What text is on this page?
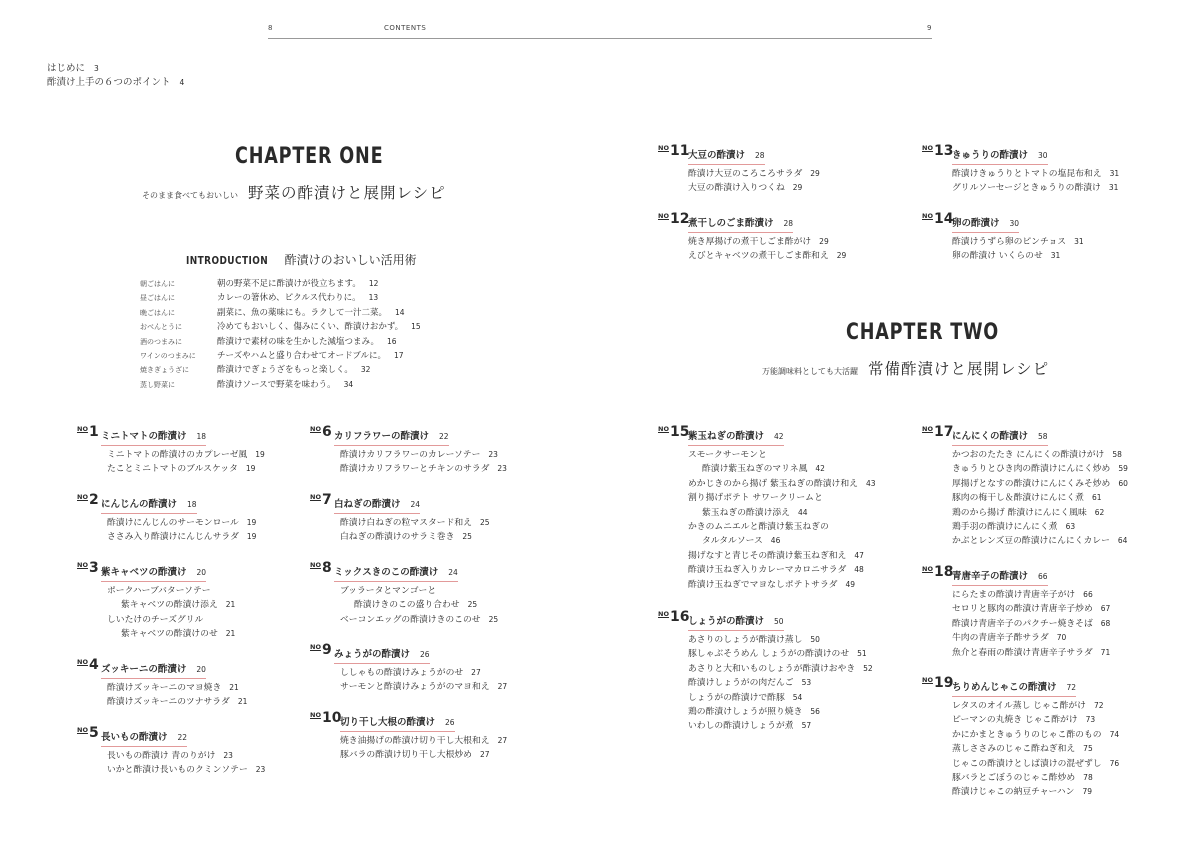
8	CONTENTS	9
はじめに 3
酢漬け上手の６つのポイント 4
CHAPTER ONE
そのまま食べてもおいしい 野菜の酢漬けと展開レシピ
INTRODUCTION 酢漬けのおいしい活用術
朝ごはんに	朝の野菜不足に酢漬けが役立ちます。 12
昼ごはんに	カレーの箸休め、ピクルス代わりに。 13
晩ごはんに	副菜に、魚の薬味にも。ラクして一汁二菜。 14
おべんとうに	冷めてもおいしく、傷みにくい、酢漬けおかず。 15
酒のつまみに	酢漬けで素材の味を生かした減塩つまみ。 16
ワインのつまみに チーズやハムと盛り合わせてオードブルに。 17
焼きぎょうざに	酢漬けでぎょうざをもっと楽しく。 32
蒸し野菜に	酢漬けソースで野菜を味わう。 34
CHAPTER TWO
万能調味料としても大活躍 常備酢漬けと展開レシピ
NO 1 ミニトマトの酢漬け 18
ミニトマトの酢漬けのカプレーゼ風 19
たことミニトマトのブルスケッタ 19
NO 2 にんじんの酢漬け 18
酢漬けにんじんのサーモンロール 19
ささみ入り酢漬けにんじんサラダ 19
NO 3 紫キャベツの酢漬け 20
ポークハーブバターソテー
紫キャベツの酢漬け添え 21
しいたけのチーズグリル
紫キャベツの酢漬けのせ 21
NO 4 ズッキーニの酢漬け 20
酢漬けズッキーニのマヨ焼き 21
酢漬けズッキーニのツナサラダ 21
NO 5 長いもの酢漬け 22
長いもの酢漬け 青のりがけ 23
いかと酢漬け長いものクミンソテー 23
NO 6 カリフラワーの酢漬け 22
酢漬けカリフラワーのカレーソテー 23
酢漬けカリフラワーとチキンのサラダ 23
NO 7 白ねぎの酢漬け 24
酢漬け白ねぎの粒マスタード和え 25
白ねぎの酢漬けのサラミ巻き 25
NO 8 ミックスきのこの酢漬け 24
ブッラータとマンゴーと
酢漬けきのこの盛り合わせ 25
ベーコンエッグの酢漬けきのこのせ 25
NO 9 みょうがの酢漬け 26
ししゃもの酢漬けみょうがのせ 27
サーモンと酢漬けみょうがのマヨ和え 27
NO 10
切り干し大根の酢漬け 26
焼き油揚げの酢漬け切り干し大根和え 27
豚バラの酢漬け切り干し大根炒め 27
NO 11
大豆の酢漬け 28
酢漬け大豆のころころサラダ 29
大豆の酢漬け入りつくね 29
NO 12
煮干しのごま酢漬け 28
焼き厚揚げの煮干しごま酢がけ 29
えびとキャベツの煮干しごま酢和え 29
NO 13
きゅうりの酢漬け 30
酢漬けきゅうりとトマトの塩昆布和え 31
グリルソーセージときゅうりの酢漬け 31
NO 14
卵の酢漬け 30
酢漬けうずら卵のピンチョス 31
卵の酢漬け いくらのせ 31
NO 15
紫玉ねぎの酢漬け 42
スモークサーモンと
酢漬け紫玉ねぎのマリネ風 42
めかじきのから揚げ 紫玉ねぎの酢漬け和え 43
割り揚げポテト サワークリームと
紫玉ねぎの酢漬け添え 44
かきのムニエルと酢漬け紫玉ねぎの
タルタルソース 46
揚げなすと青じその酢漬け紫玉ねぎ和え 47
酢漬け玉ねぎ入りカレーマカロニサラダ 48
酢漬け玉ねぎでマヨなしポテトサラダ 49
NO 16
しょうがの酢漬け 50
あさりのしょうが酢漬け蒸し 50
豚しゃぶそうめん しょうがの酢漬けのせ 51
あさりと大和いものしょうが酢漬けおやき 52
酢漬けしょうがの肉だんご 53
しょうがの酢漬けで酢豚 54
鶏の酢漬けしょうが照り焼き 56
いわしの酢漬けしょうが煮 57
NO 17
にんにくの酢漬け 58
かつおのたたき にんにくの酢漬けがけ 58
きゅうりとひき肉の酢漬けにんにく炒め 59
厚揚げとなすの酢漬けにんにくみそ炒め 60
豚肉の梅干し＆酢漬けにんにく煮 61
鶏のから揚げ 酢漬けにんにく風味 62
鶏手羽の酢漬けにんにく煮 63
かぶとレンズ豆の酢漬けにんにくカレー 64
NO 18
青唐辛子の酢漬け 66
にらたまの酢漬け青唐辛子がけ 66
セロリと豚肉の酢漬け青唐辛子炒め 67
酢漬け青唐辛子のパクチー焼きそば 68
牛肉の青唐辛子酢サラダ 70
魚介と春雨の酢漬け青唐辛子サラダ 71
NO 19
ちりめんじゃこの酢漬け 72
レタスのオイル蒸し じゃこ酢がけ 72
ピーマンの丸焼き じゃこ酢がけ 73
かにかまときゅうりのじゃこ酢のもの 74
蒸しささみのじゃこ酢ねぎ和え 75
じゃこの酢漬けとしば漬けの混ぜずし 76
豚バラとごぼうのじゃこ酢炒め 78
酢漬けじゃこの納豆チャーハン 79
